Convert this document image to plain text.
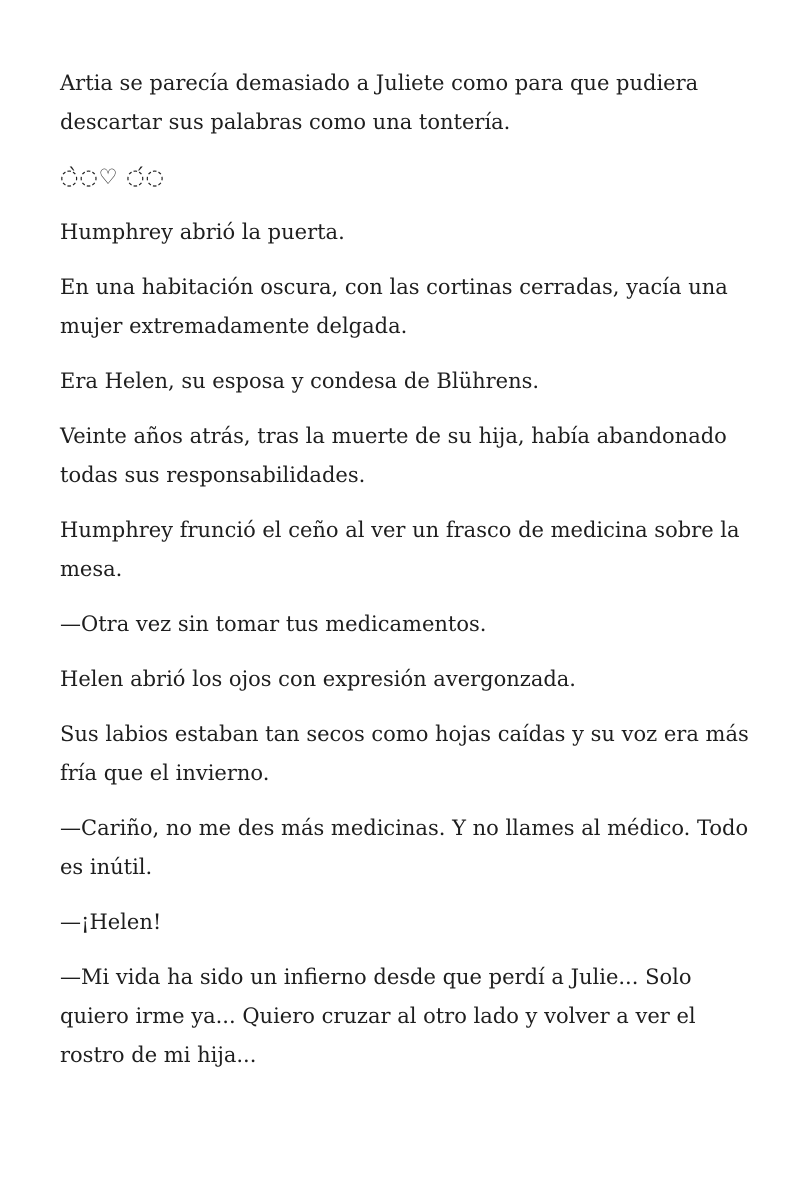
Artia se parecía demasiado a Juliete como para que pudiera descartar sus palabras como una tontería.

◌̀◌♡ ◌́◌

Humphrey abrió la puerta.

En una habitación oscura, con las cortinas cerradas, yacía una mujer extremadamente delgada.

Era Helen, su esposa y condesa de Blührens.

Veinte años atrás, tras la muerte de su hija, había abandonado todas sus responsabilidades.

Humphrey frunció el ceño al ver un frasco de medicina sobre la mesa.

—Otra vez sin tomar tus medicamentos.

Helen abrió los ojos con expresión avergonzada.

Sus labios estaban tan secos como hojas caídas y su voz era más fría que el invierno.

—Cariño, no me des más medicinas. Y no llames al médico. Todo es inútil.

—¡Helen!

—Mi vida ha sido un infierno desde que perdí a Julie... Solo quiero irme ya... Quiero cruzar al otro lado y volver a ver el rostro de mi hija...
